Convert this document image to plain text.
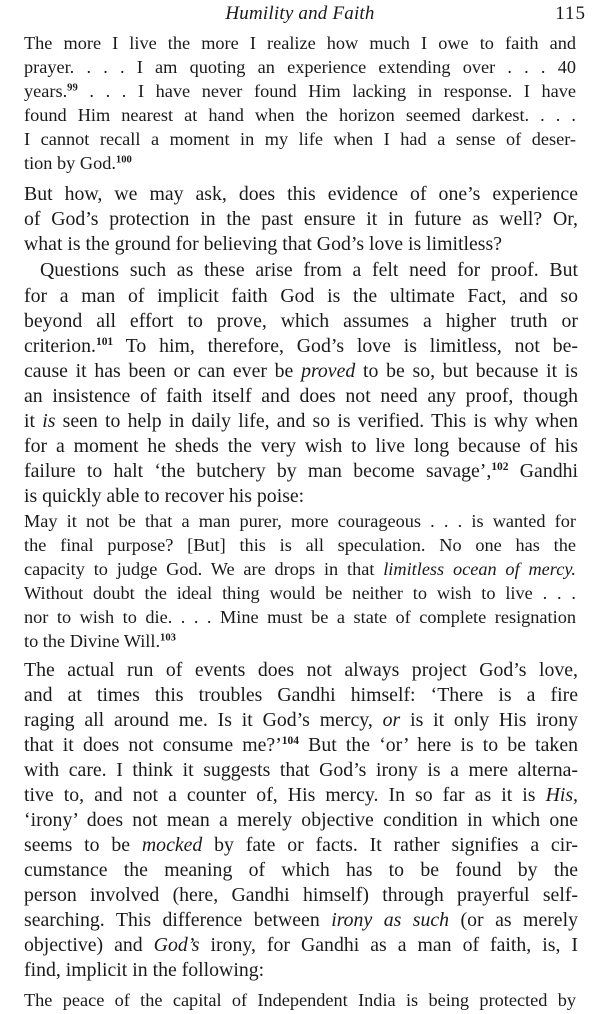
Humility and Faith	115
The more I live the more I realize how much I owe to faith and
prayer. . . . I am quoting an experience extending over . . . 40
years.$^{99}$ . . . I have never found Him lacking in response. I have
found Him nearest at hand when the horizon seemed darkest. . . .
I cannot recall a moment in my life when I had a sense of deser-
tion by God.$^{100}$
But how, we may ask, does this evidence of one’s experience
of God’s protection in the past ensure it in future as well? Or,
what is the ground for believing that God’s love is limitless?
Questions such as these arise from a felt need for proof. But
for a man of implicit faith God is the ultimate Fact, and so
beyond all effort to prove, which assumes a higher truth or
criterion.$^{101}$ To him, therefore, God’s love is limitless, not be-
cause it has been or can ever be proved to be so, but because it is
an insistence of faith itself and does not need any proof, though
it is seen to help in daily life, and so is verified. This is why when
for a moment he sheds the very wish to live long because of his
failure to halt ‘the butchery by man become savage’,$^{102}$ Gandhi
is quickly able to recover his poise:
May it not be that a man purer, more courageous . . . is wanted for
the final purpose? [But] this is all speculation. No one has the
capacity to judge God. We are drops in that limitless ocean of mercy.
Without doubt the ideal thing would be neither to wish to live . . .
nor to wish to die. . . . Mine must be a state of complete resignation
to the Divine Will.$^{103}$
The actual run of events does not always project God’s love,
and at times this troubles Gandhi himself: ‘There is a fire
raging all around me. Is it God’s mercy, or is it only His irony
that it does not consume me?’$^{104}$ But the ‘or’ here is to be taken
with care. I think it suggests that God’s irony is a mere alterna-
tive to, and not a counter of, His mercy. In so far as it is His,
‘irony’ does not mean a merely objective condition in which one
seems to be mocked by fate or facts. It rather signifies a cir-
cumstance the meaning of which has to be found by the
person involved (here, Gandhi himself) through prayerful self-
searching. This difference between irony as such (or as merely
objective) and God’s irony, for Gandhi as a man of faith, is, I
find, implicit in the following:
The peace of the capital of Independent India is being protected by
